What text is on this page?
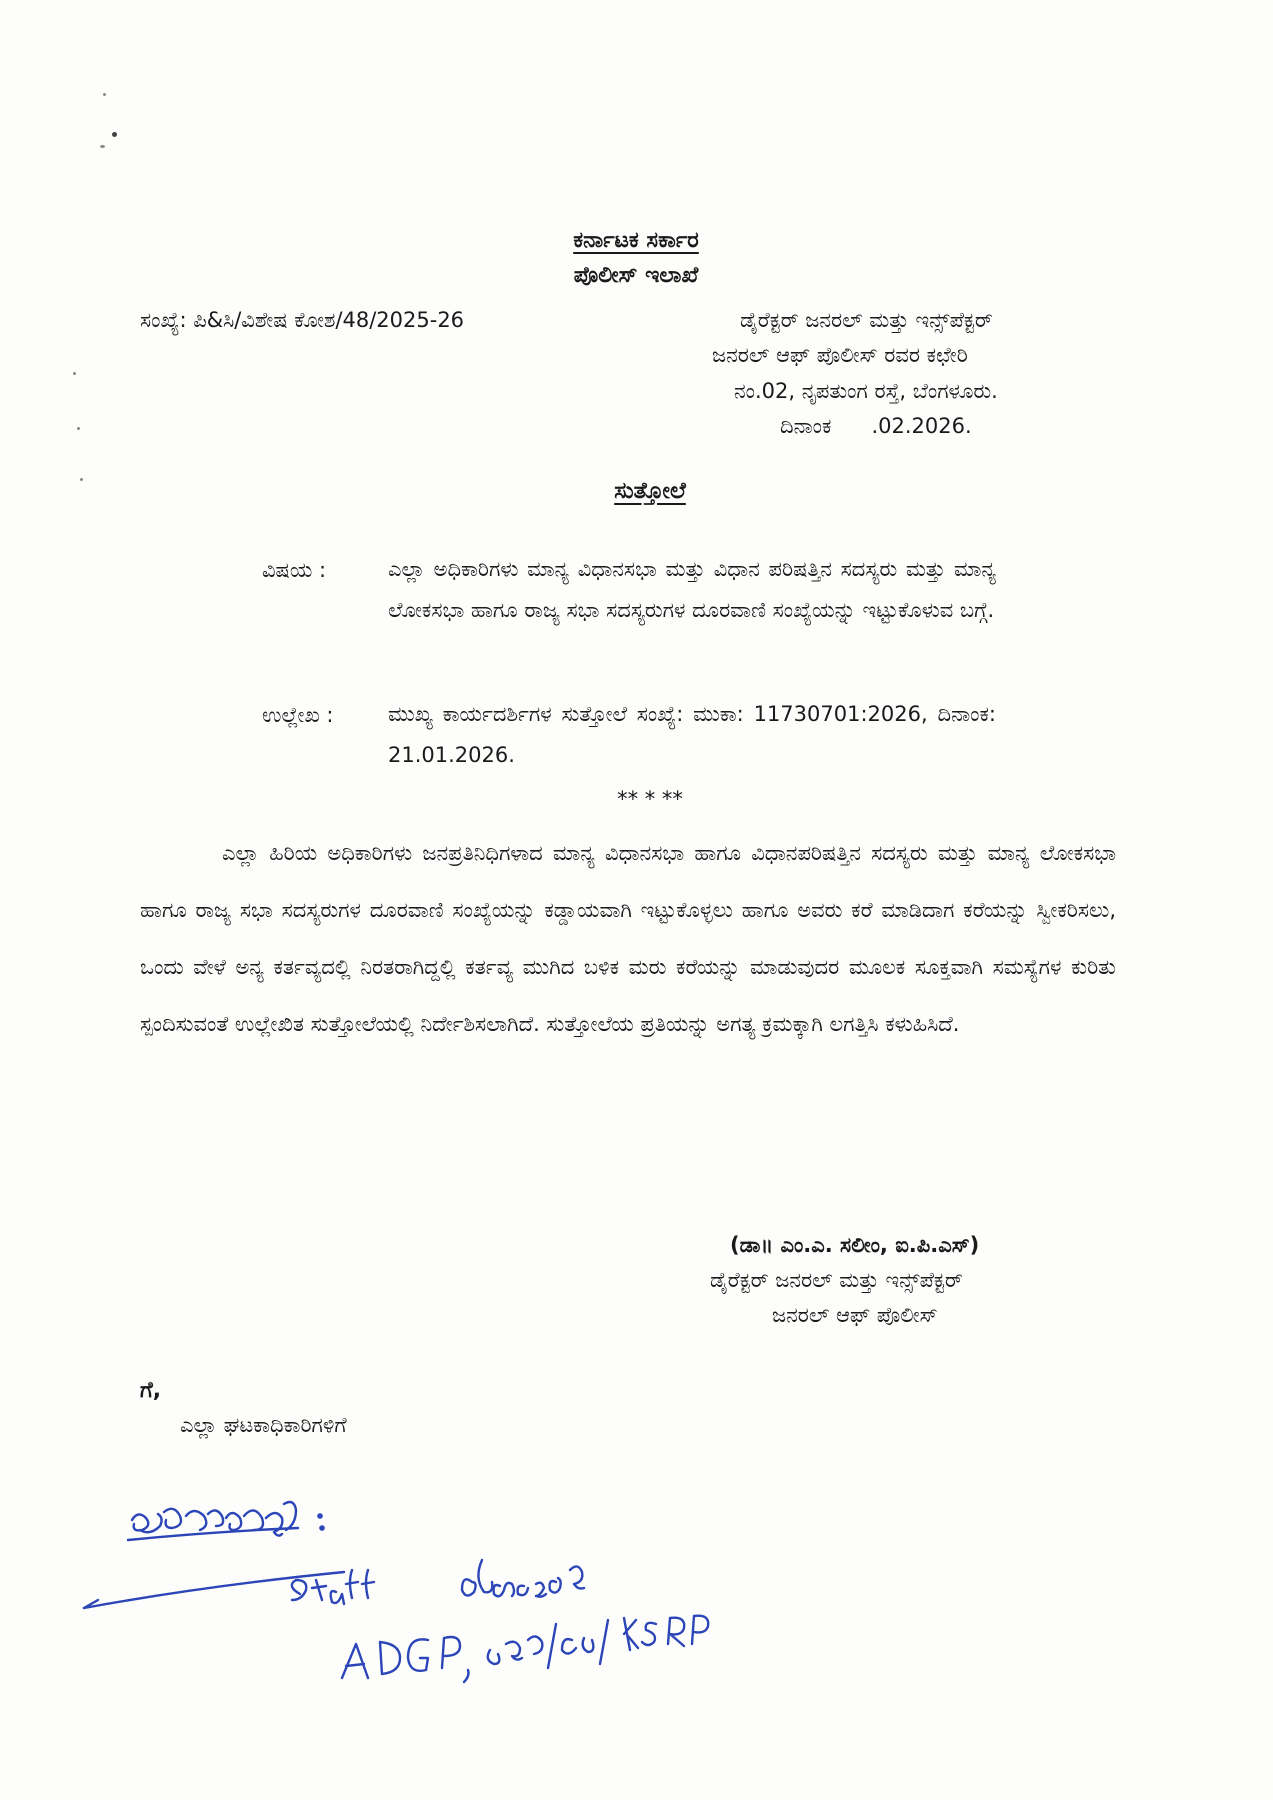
ಕರ್ನಾಟಕ ಸರ್ಕಾರ
ಪೊಲೀಸ್ ಇಲಾಖೆ
ಸಂಖ್ಯೆ: ಪಿ&ಸಿ/ವಿಶೇಷ ಕೋಶ/48/2025-26	ಡೈರೆಕ್ಟರ್ ಜನರಲ್ ಮತ್ತು ಇನ್ಸ್‌ಪೆಕ್ಟರ್
ಜನರಲ್ ಆಫ್ ಪೊಲೀಸ್ ರವರ ಕಛೇರಿ
ನಂ.02, ನೃಪತುಂಗ ರಸ್ತೆ, ಬೆಂಗಳೂರು.
ದಿನಾಂಕ      .02.2026.
ಸುತ್ತೋಲೆ
ವಿಷಯ :	ಎಲ್ಲಾ ಅಧಿಕಾರಿಗಳು ಮಾನ್ಯ ವಿಧಾನಸಭಾ ಮತ್ತು ವಿಧಾನ ಪರಿಷತ್ತಿನ ಸದಸ್ಯರು ಮತ್ತು ಮಾನ್ಯ ಲೋಕಸಭಾ ಹಾಗೂ ರಾಜ್ಯ ಸಭಾ ಸದಸ್ಯರುಗಳ ದೂರವಾಣಿ ಸಂಖ್ಯೆಯನ್ನು ಇಟ್ಟುಕೊಳುವ ಬಗ್ಗೆ.
ಉಲ್ಲೇಖ :	ಮುಖ್ಯ ಕಾರ್ಯದರ್ಶಿಗಳ ಸುತ್ತೋಲೆ ಸಂಖ್ಯೆ: ಮುಕಾ: 11730701:2026, ದಿನಾಂಕ: 21.01.2026.
** * **
ಎಲ್ಲಾ ಹಿರಿಯ ಅಧಿಕಾರಿಗಳು ಜನಪ್ರತಿನಿಧಿಗಳಾದ ಮಾನ್ಯ ವಿಧಾನಸಭಾ ಹಾಗೂ ವಿಧಾನಪರಿಷತ್ತಿನ ಸದಸ್ಯರು ಮತ್ತು ಮಾನ್ಯ ಲೋಕಸಭಾ ಹಾಗೂ ರಾಜ್ಯ ಸಭಾ ಸದಸ್ಯರುಗಳ ದೂರವಾಣಿ ಸಂಖ್ಯೆಯನ್ನು ಕಡ್ಡಾಯವಾಗಿ ಇಟ್ಟುಕೊಳ್ಳಲು ಹಾಗೂ ಅವರು ಕರೆ ಮಾಡಿದಾಗ ಕರೆಯನ್ನು ಸ್ವೀಕರಿಸಲು, ಒಂದು ವೇಳೆ ಅನ್ಯ ಕರ್ತವ್ಯದಲ್ಲಿ ನಿರತರಾಗಿದ್ದಲ್ಲಿ ಕರ್ತವ್ಯ ಮುಗಿದ ಬಳಿಕ ಮರು ಕರೆಯನ್ನು ಮಾಡುವುದರ ಮೂಲಕ ಸೂಕ್ತವಾಗಿ ಸಮಸ್ಯೆಗಳ ಕುರಿತು ಸ್ಪಂದಿಸುವಂತೆ ಉಲ್ಲೇಖಿತ ಸುತ್ತೋಲೆಯಲ್ಲಿ ನಿರ್ದೇಶಿಸಲಾಗಿದೆ. ಸುತ್ತೋಲೆಯ ಪ್ರತಿಯನ್ನು ಅಗತ್ಯ ಕ್ರಮಕ್ಕಾಗಿ ಲಗತ್ತಿಸಿ ಕಳುಹಿಸಿದೆ.
(ಡಾ॥ ಎಂ.ಎ. ಸಲೀಂ, ಐ.ಪಿ.ಎಸ್)
ಡೈರೆಕ್ಟರ್ ಜನರಲ್ ಮತ್ತು ಇನ್ಸ್‌ಪೆಕ್ಟರ್
ಜನರಲ್ ಆಫ್ ಪೊಲೀಸ್
ಗೆ,
ಎಲ್ಲಾ ಘಟಕಾಧಿಕಾರಿಗಳಿಗೆ
